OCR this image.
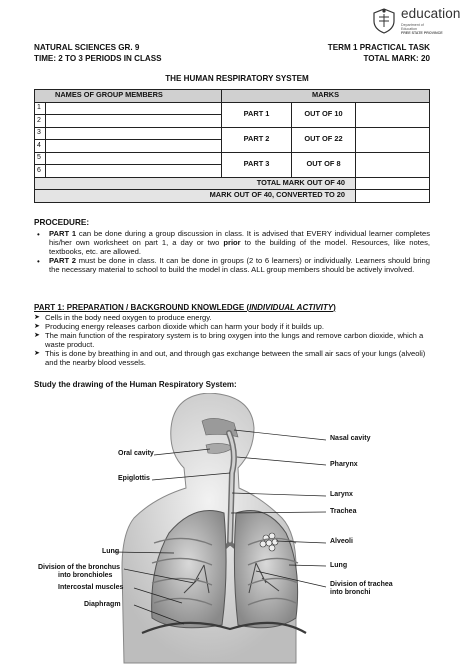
education
Department of
Education
FREE STATE PROVINCE
NATURAL SCIENCES GR. 9
TIME: 2 TO 3 PERIODS IN CLASS
TERM 1 PRACTICAL TASK
TOTAL MARK: 20
THE HUMAN RESPIRATORY SYSTEM
NAMES OF GROUP MEMBERS		MARKS		
1		PART 1	OUT OF 10	
2				
3		PART 2	OUT OF 22	
4				
5		PART 3	OUT OF 8	
6				
TOTAL MARK OUT OF 40				
MARK OUT OF 40, CONVERTED TO 20				
PROCEDURE:
• PART 1 can be done during a group discussion in class. It is advised that EVERY individual learner completes his/her own worksheet on part 1, a day or two prior to the building of the model. Resources, like notes, textbooks, etc. are allowed.
• PART 2 must be done in class. It can be done in groups (2 to 6 learners) or individually. Learners should bring the necessary material to school to build the model in class. ALL group members should be actively involved.
PART 1: PREPARATION / BACKGROUND KNOWLEDGE (INDIVIDUAL ACTIVITY)
➤ Cells in the body need oxygen to produce energy.
➤ Producing energy releases carbon dioxide which can harm your body if it builds up.
➤ The main function of the respiratory system is to bring oxygen into the lungs and remove carbon dioxide, which a waste product.
➤ This is done by breathing in and out, and through gas exchange between the small air sacs of your lungs (alveoli) and the nearby blood vessels.
Study the drawing of the Human Respiratory System:
Oral cavity
Epiglottis
Lung
Division of the bronchus
into bronchioles
Intercostal muscles
Diaphragm
Nasal cavity
Pharynx
Larynx
Trachea
Alveoli
Lung
Division of trachea
into bronchi
